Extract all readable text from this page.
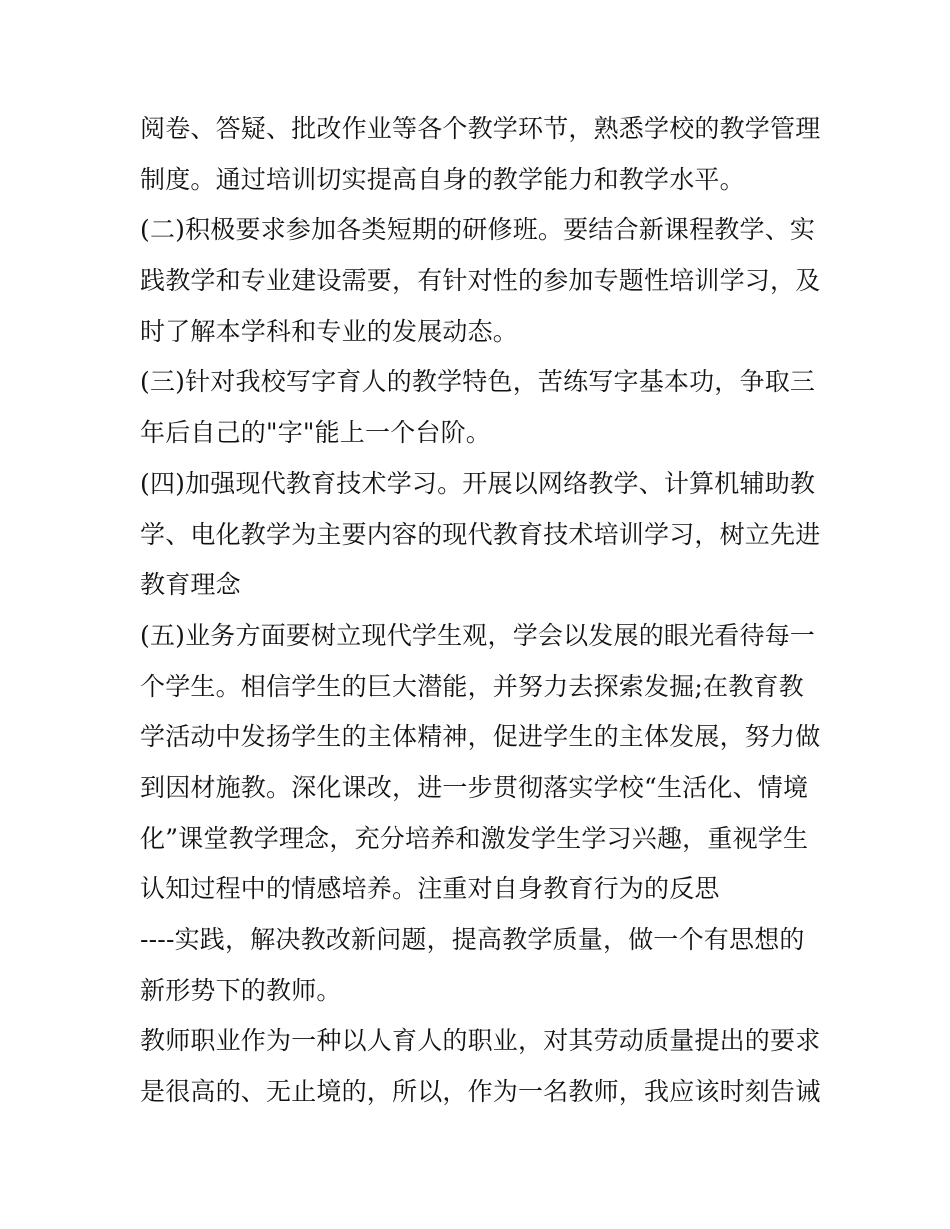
阅卷、答疑、批改作业等各个教学环节，熟悉学校的教学管理
制度。通过培训切实提高自身的教学能力和教学水平。
(二)积极要求参加各类短期的研修班。要结合新课程教学、实
践教学和专业建设需要，有针对性的参加专题性培训学习，及
时了解本学科和专业的发展动态。
(三)针对我校写字育人的教学特色，苦练写字基本功，争取三
年后自己的"字"能上一个台阶。
(四)加强现代教育技术学习。开展以网络教学、计算机辅助教
学、电化教学为主要内容的现代教育技术培训学习，树立先进
教育理念
(五)业务方面要树立现代学生观，学会以发展的眼光看待每一
个学生。相信学生的巨大潜能，并努力去探索发掘;在教育教
学活动中发扬学生的主体精神，促进学生的主体发展，努力做
到因材施教。深化课改，进一步贯彻落实学校“生活化、情境
化”课堂教学理念，充分培养和激发学生学习兴趣，重视学生
认知过程中的情感培养。注重对自身教育行为的反思
----实践，解决教改新问题，提高教学质量，做一个有思想的
新形势下的教师。
教师职业作为一种以人育人的职业，对其劳动质量提出的要求
是很高的、无止境的，所以，作为一名教师，我应该时刻告诫
